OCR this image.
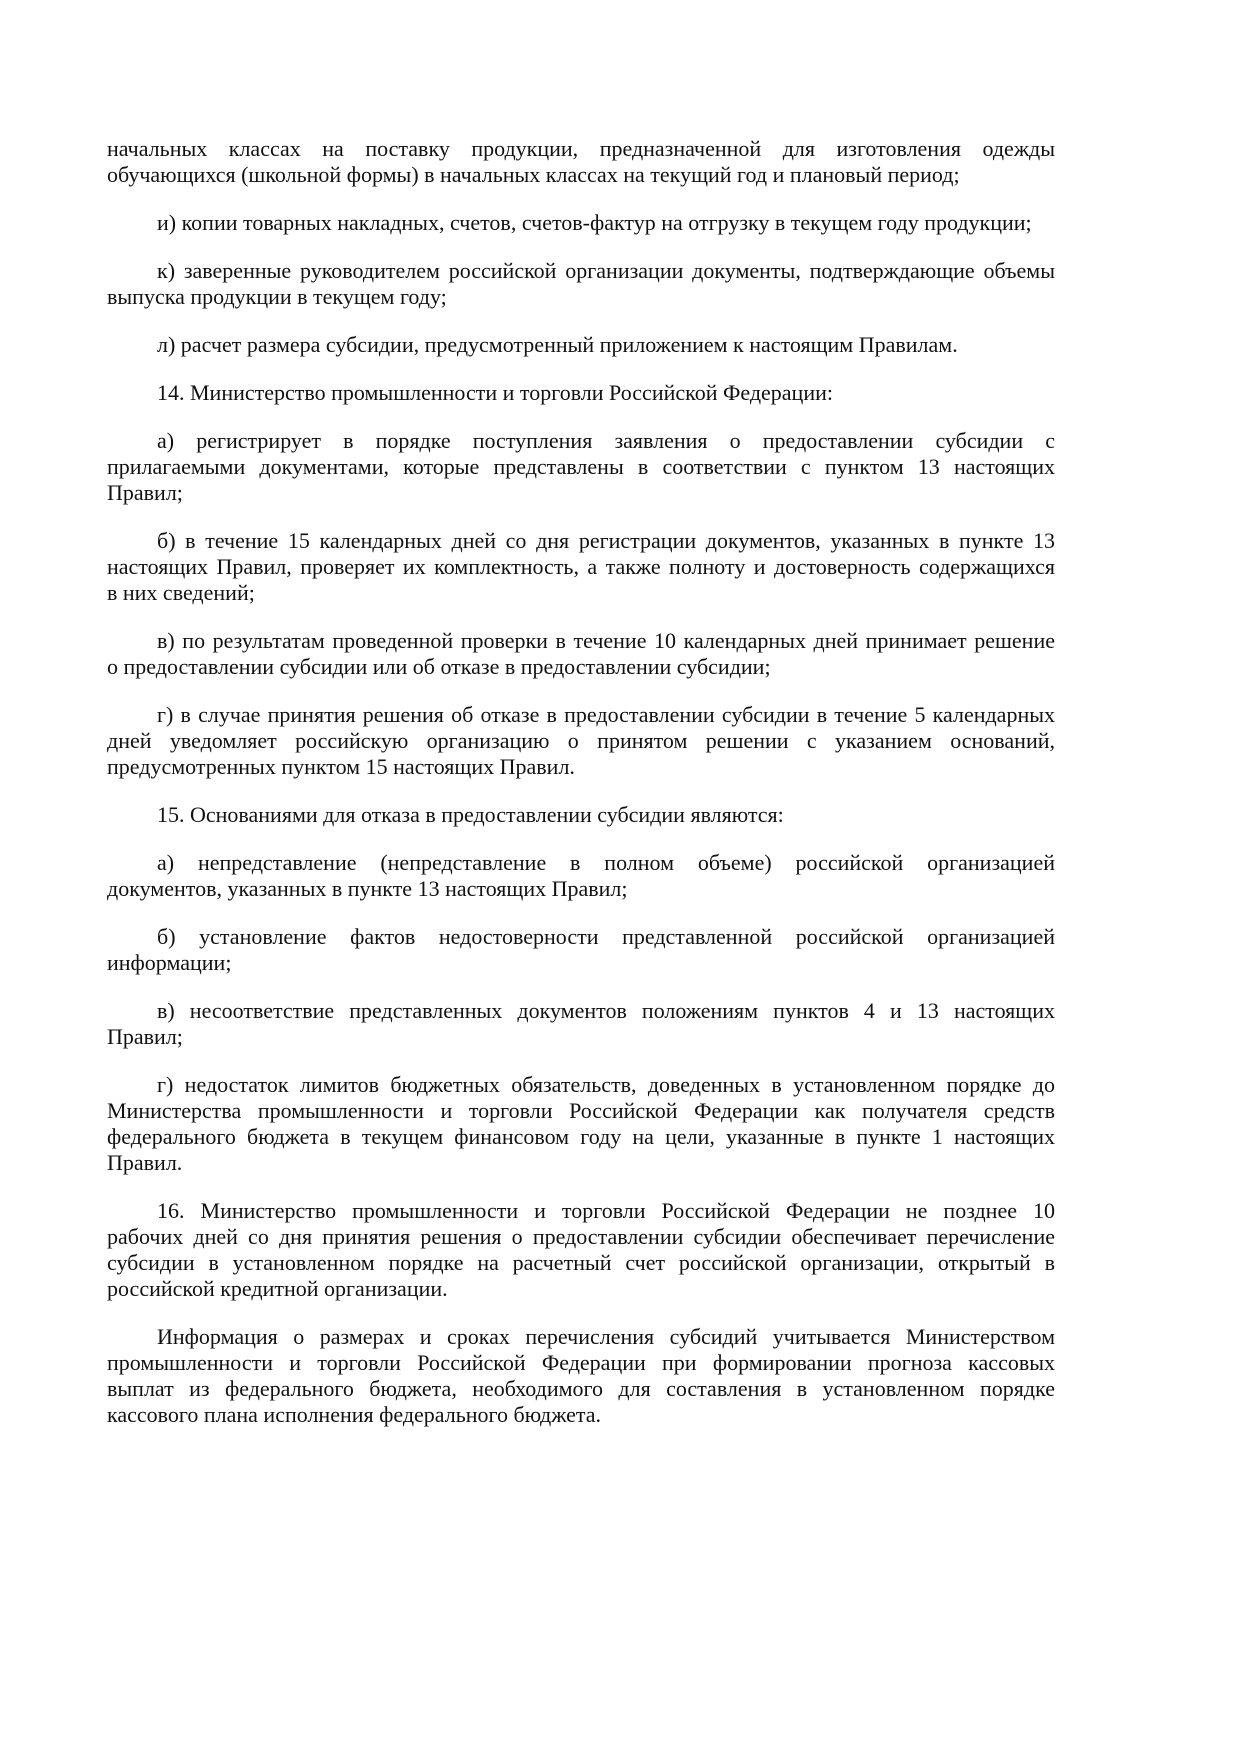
начальных классах на поставку продукции, предназначенной для изготовления одежды
обучающихся (школьной формы) в начальных классах на текущий год и плановый период;
и) копии товарных накладных, счетов, счетов-фактур на отгрузку в текущем году продукции;
к) заверенные руководителем российской организации документы, подтверждающие объемы
выпуска продукции в текущем году;
л) расчет размера субсидии, предусмотренный приложением к настоящим Правилам.
14. Министерство промышленности и торговли Российской Федерации:
а) регистрирует в порядке поступления заявления о предоставлении субсидии с
прилагаемыми документами, которые представлены в соответствии с пунктом 13 настоящих
Правил;
б) в течение 15 календарных дней со дня регистрации документов, указанных в пункте 13
настоящих Правил, проверяет их комплектность, а также полноту и достоверность содержащихся
в них сведений;
в) по результатам проведенной проверки в течение 10 календарных дней принимает решение
о предоставлении субсидии или об отказе в предоставлении субсидии;
г) в случае принятия решения об отказе в предоставлении субсидии в течение 5 календарных
дней уведомляет российскую организацию о принятом решении с указанием оснований,
предусмотренных пунктом 15 настоящих Правил.
15. Основаниями для отказа в предоставлении субсидии являются:
а) непредставление (непредставление в полном объеме) российской организацией
документов, указанных в пункте 13 настоящих Правил;
б) установление фактов недостоверности представленной российской организацией
информации;
в) несоответствие представленных документов положениям пунктов 4 и 13 настоящих
Правил;
г) недостаток лимитов бюджетных обязательств, доведенных в установленном порядке до
Министерства промышленности и торговли Российской Федерации как получателя средств
федерального бюджета в текущем финансовом году на цели, указанные в пункте 1 настоящих
Правил.
16. Министерство промышленности и торговли Российской Федерации не позднее 10
рабочих дней со дня принятия решения о предоставлении субсидии обеспечивает перечисление
субсидии в установленном порядке на расчетный счет российской организации, открытый в
российской кредитной организации.
Информация о размерах и сроках перечисления субсидий учитывается Министерством
промышленности и торговли Российской Федерации при формировании прогноза кассовых
выплат из федерального бюджета, необходимого для составления в установленном порядке
кассового плана исполнения федерального бюджета.
